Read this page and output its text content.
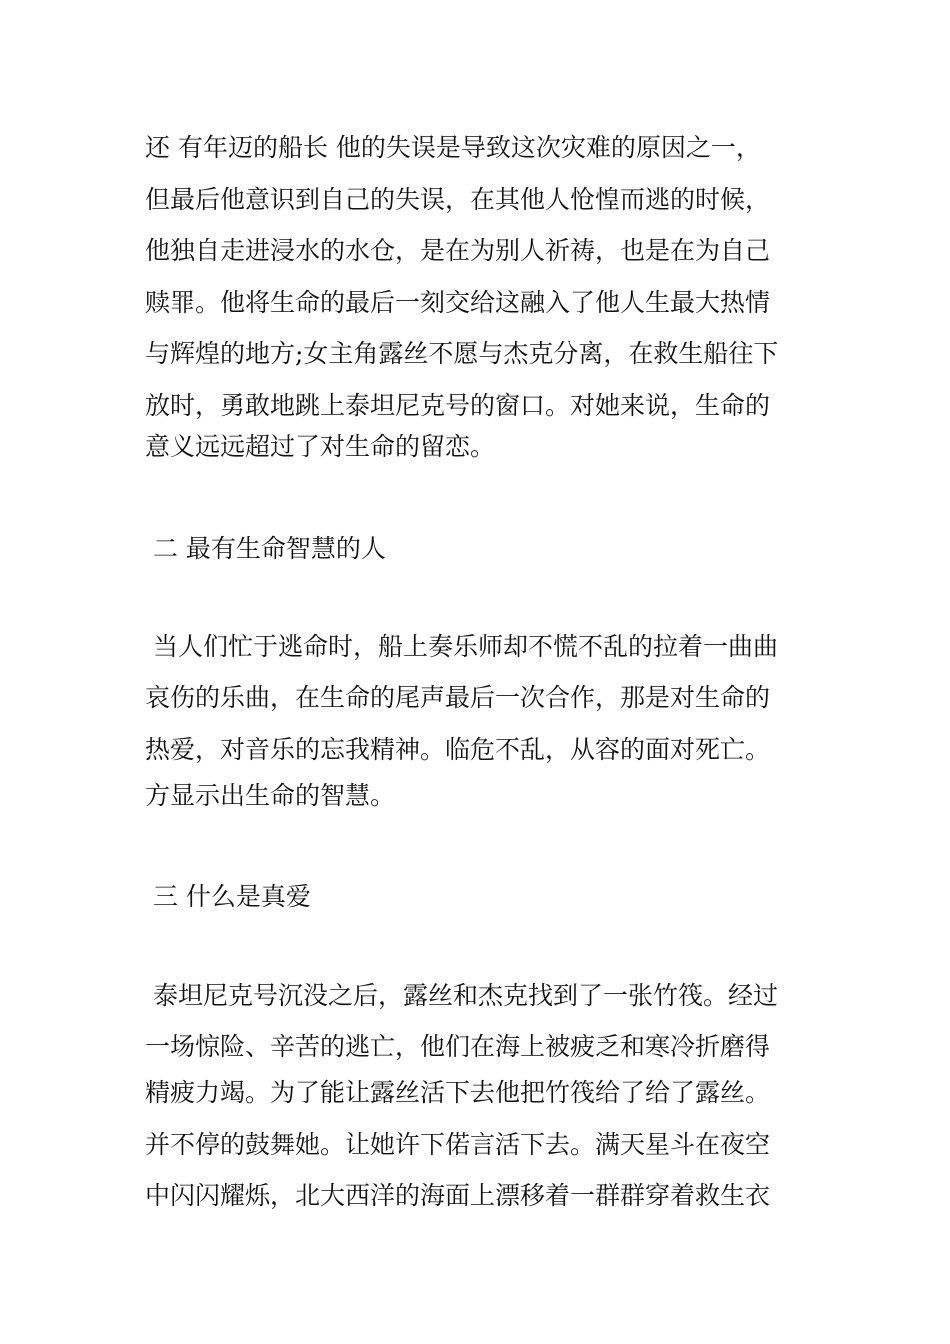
还 有年迈的船长 他的失误是导致这次灾难的原因之一，
但最后他意识到自己的失误，在其他人怆惶而逃的时候，
他独自走进浸水的水仓，是在为别人祈祷，也是在为自己
赎罪。他将生命的最后一刻交给这融入了他人生最大热情
与辉煌的地方;女主角露丝不愿与杰克分离，在救生船往下
放时，勇敢地跳上泰坦尼克号的窗口。对她来说，生命的
意义远远超过了对生命的留恋。
二 最有生命智慧的人
当人们忙于逃命时，船上奏乐师却不慌不乱的拉着一曲曲
哀伤的乐曲，在生命的尾声最后一次合作，那是对生命的
热爱，对音乐的忘我精神。临危不乱，从容的面对死亡。
方显示出生命的智慧。
三 什么是真爱
泰坦尼克号沉没之后，露丝和杰克找到了一张竹筏。经过
一场惊险、辛苦的逃亡，他们在海上被疲乏和寒冷折磨得
精疲力竭。为了能让露丝活下去他把竹筏给了给了露丝。
并不停的鼓舞她。让她许下偌言活下去。满天星斗在夜空
中闪闪耀烁，北大西洋的海面上漂移着一群群穿着救生衣
